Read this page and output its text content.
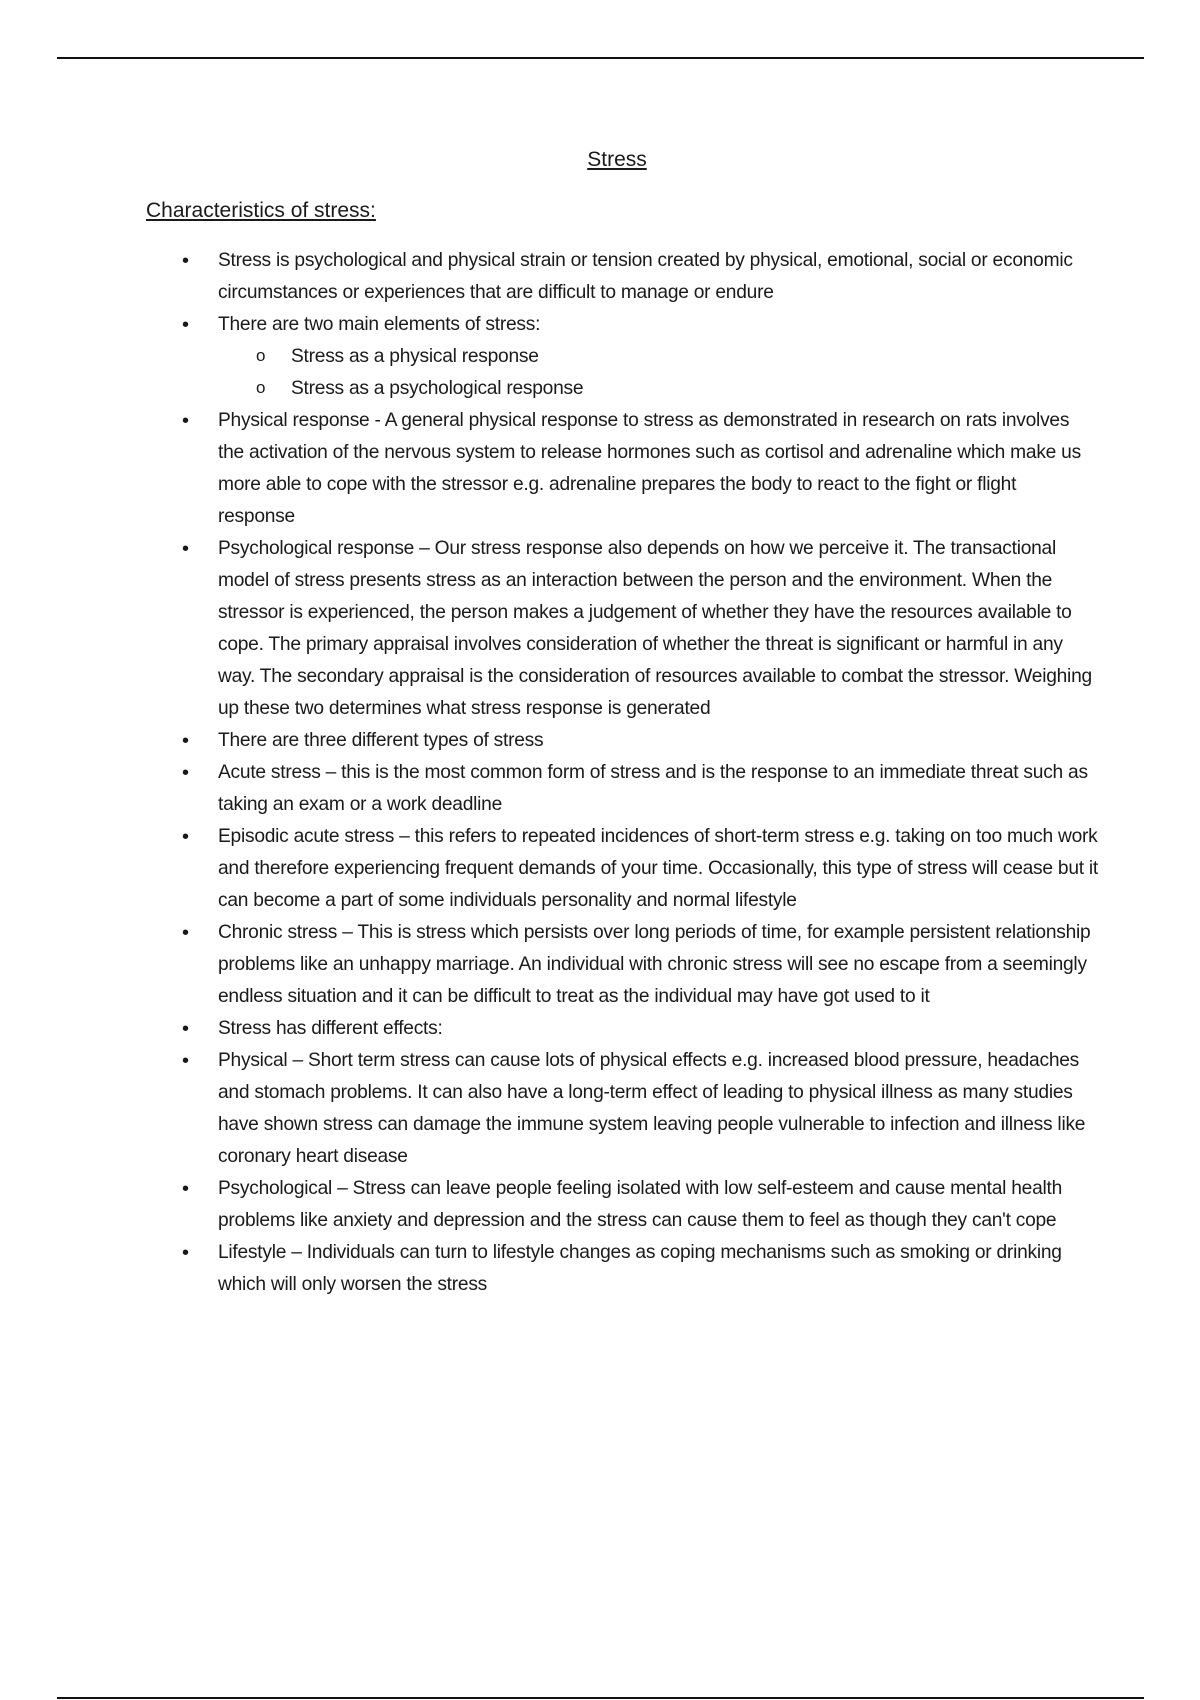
Stress
Characteristics of stress:
• Stress is psychological and physical strain or tension created by physical, emotional, social or economic circumstances or experiences that are difficult to manage or endure
• There are two main elements of stress:
o Stress as a physical response
o Stress as a psychological response
• Physical response - A general physical response to stress as demonstrated in research on rats involves the activation of the nervous system to release hormones such as cortisol and adrenaline which make us more able to cope with the stressor e.g. adrenaline prepares the body to react to the fight or flight response
• Psychological response – Our stress response also depends on how we perceive it. The transactional model of stress presents stress as an interaction between the person and the environment. When the stressor is experienced, the person makes a judgement of whether they have the resources available to cope. The primary appraisal involves consideration of whether the threat is significant or harmful in any way. The secondary appraisal is the consideration of resources available to combat the stressor. Weighing up these two determines what stress response is generated
• There are three different types of stress
• Acute stress – this is the most common form of stress and is the response to an immediate threat such as taking an exam or a work deadline
• Episodic acute stress – this refers to repeated incidences of short-term stress e.g. taking on too much work and therefore experiencing frequent demands of your time. Occasionally, this type of stress will cease but it can become a part of some individuals personality and normal lifestyle
• Chronic stress – This is stress which persists over long periods of time, for example persistent relationship problems like an unhappy marriage. An individual with chronic stress will see no escape from a seemingly endless situation and it can be difficult to treat as the individual may have got used to it
• Stress has different effects:
• Physical – Short term stress can cause lots of physical effects e.g. increased blood pressure, headaches and stomach problems. It can also have a long-term effect of leading to physical illness as many studies have shown stress can damage the immune system leaving people vulnerable to infection and illness like coronary heart disease
• Psychological – Stress can leave people feeling isolated with low self-esteem and cause mental health problems like anxiety and depression and the stress can cause them to feel as though they can't cope
• Lifestyle – Individuals can turn to lifestyle changes as coping mechanisms such as smoking or drinking which will only worsen the stress
